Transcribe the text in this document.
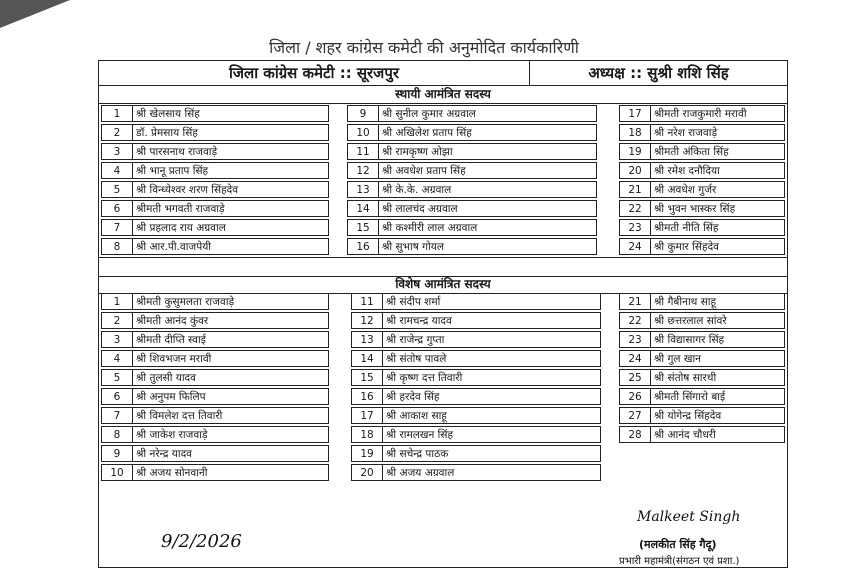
जिला / शहर कांग्रेस कमेटी की अनुमोदित कार्यकारिणी
जिला कांग्रेस कमेटी :: सूरजपुर	अध्यक्ष :: सुश्री शशि सिंह
स्थायी आमंत्रित सदस्य
1	श्री खेलसाय सिंह
2	डॉ. प्रेमसाय सिंह
3	श्री पारसनाथ राजवाड़े
4	श्री भानू प्रताप सिंह
5	श्री विन्ध्येश्वर शरण सिंहदेव
6	श्रीमती भगवती राजवाड़े
7	श्री प्रहलाद राय अग्रवाल
8	श्री आर.पी.वाजपेयी
9	श्री सुनील कुमार अग्रवाल
10	श्री अखिलेश प्रताप सिंह
11	श्री रामकृष्ण ओझा
12	श्री अवधेश प्रताप सिंह
13	श्री के.के. अग्रवाल
14	श्री लालचंद अग्रवाल
15	श्री कश्मीरी लाल अग्रवाल
16	श्री सुभाष गोयल
17	श्रीमती राजकुमारी मरावी
18	श्री नरेश राजवाड़े
19	श्रीमती अंकिता सिंह
20	श्री रमेश दनौदिया
21	श्री अवधेश गुर्जर
22	श्री भुवन भास्कर सिंह
23	श्रीमती नीति सिंह
24	श्री कुमार सिंहदेव
विशेष आमंत्रित सदस्य
1	श्रीमती कुसुमलता राजवाड़े
2	श्रीमती आनंद कुंवर
3	श्रीमती दीप्ति स्वाई
4	श्री शिवभजन मरावी
5	श्री तुलसी यादव
6	श्री अनुपम फिलिप
7	श्री विमलेश दत्त तिवारी
8	श्री जाकेश राजवाड़े
9	श्री नरेन्द्र यादव
10	श्री अजय सोनवानी
11	श्री संदीप शर्मा
12	श्री रामचन्द्र यादव
13	श्री राजेन्द्र गुप्ता
14	श्री संतोष पावले
15	श्री कृष्ण दत्त तिवारी
16	श्री हरदेव सिंह
17	श्री आकाश साहू
18	श्री रामलखन सिंह
19	श्री सचेन्द्र पाठक
20	श्री अजय अग्रवाल
21	श्री गैबीनाथ साहू
22	श्री छत्तरलाल सांवरे
23	श्री विद्यासागर सिंह
24	श्री गुल खान
25	श्री संतोष सारथी
26	श्रीमती सिंगारो बाई
27	श्री योगेन्द्र सिंहदेव
28	श्री आनंद चौधरी
9/2/2026
Malkeet Singh
(मलकीत सिंह गैदू)
प्रभारी महामंत्री(संगठन एवं प्रशा.)
